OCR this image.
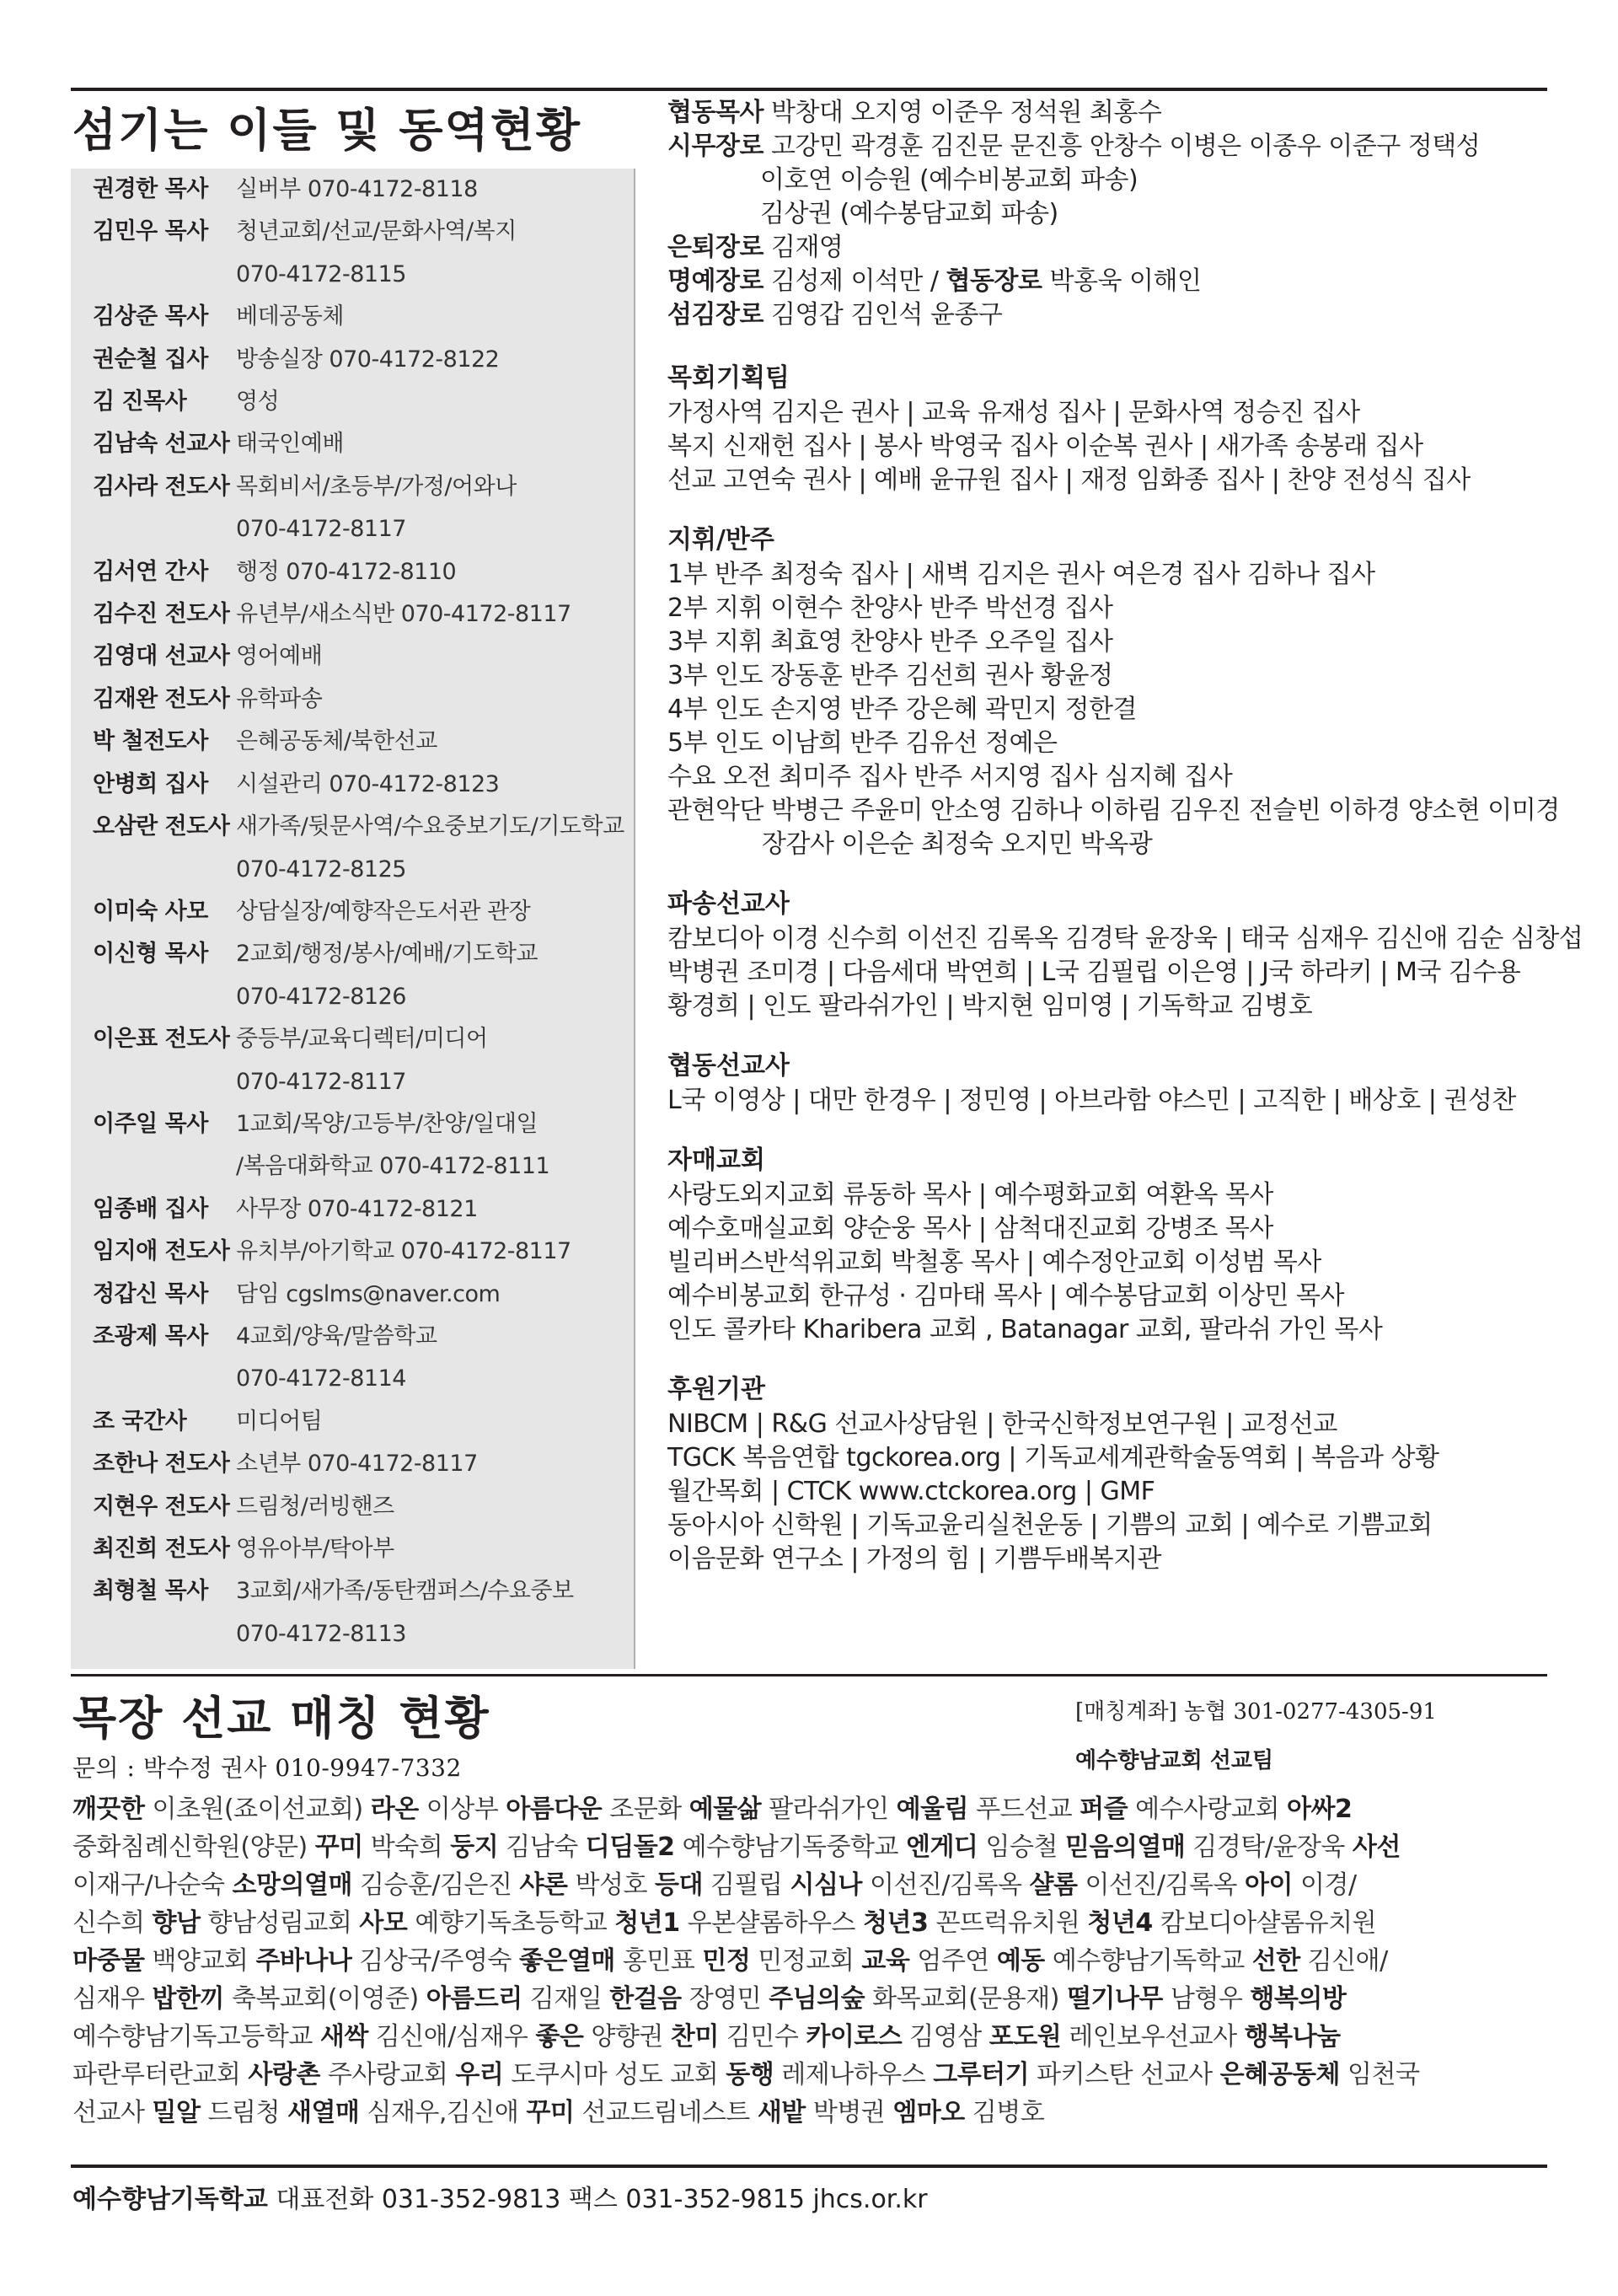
섬기는 이들 및 동역현황
권경한 목사	실버부 070-4172-8118
김민우 목사	청년교회/선교/문화사역/복지
070-4172-8115
김상준 목사	베데공동체
권순철 집사	방송실장 070-4172-8122
김 진목사	영성
김남속 선교사 태국인예배
김사라 전도사 목회비서/초등부/가정/어와나
070-4172-8117
김서연 간사	행정 070-4172-8110
김수진 전도사 유년부/새소식반 070-4172-8117
김영대 선교사 영어예배
김재완 전도사 유학파송
박 철전도사	은혜공동체/북한선교
안병희 집사	시설관리 070-4172-8123
오삼란 전도사 새가족/뒷문사역/수요중보기도/기도학교
070-4172-8125
이미숙 사모	상담실장/예향작은도서관 관장
이신형 목사	2교회/행정/봉사/예배/기도학교
070-4172-8126
이은표 전도사 중등부/교육디렉터/미디어
070-4172-8117
이주일 목사	1교회/목양/고등부/찬양/일대일
/복음대화학교 070-4172-8111
임종배 집사	사무장 070-4172-8121
임지애 전도사 유치부/아기학교 070-4172-8117
정갑신 목사	담임 cgslms@naver.com
조광제 목사	4교회/양육/말씀학교
070-4172-8114
조 국간사	미디어팀
조한나 전도사 소년부 070-4172-8117
지현우 전도사 드림청/러빙핸즈
최진희 전도사 영유아부/탁아부
최형철 목사	3교회/새가족/동탄캠퍼스/수요중보
070-4172-8113
협동목사 박창대 오지영 이준우 정석원 최홍수
시무장로 고강민 곽경훈 김진문 문진흥 안창수 이병은 이종우 이준구 정택성
이호연 이승원 (예수비봉교회 파송)
김상권 (예수봉담교회 파송)
은퇴장로 김재영
명예장로 김성제 이석만 / 협동장로 박홍욱 이해인
섬김장로 김영갑 김인석 윤종구
목회기획팀
가정사역 김지은 권사 | 교육 유재성 집사 | 문화사역 정승진 집사
복지 신재헌 집사 | 봉사 박영국 집사 이순복 권사 | 새가족 송봉래 집사
선교 고연숙 권사 | 예배 윤규원 집사 | 재정 임화종 집사 | 찬양 전성식 집사
지휘/반주
1부 반주 최정숙 집사 | 새벽 김지은 권사 여은경 집사 김하나 집사
2부 지휘 이현수 찬양사 반주 박선경 집사
3부 지휘 최효영 찬양사 반주 오주일 집사
3부 인도 장동훈 반주 김선희 권사 황윤정
4부 인도 손지영 반주 강은혜 곽민지 정한결
5부 인도 이남희 반주 김유선 정예은
수요 오전 최미주 집사 반주 서지영 집사 심지혜 집사
관현악단 박병근 주윤미 안소영 김하나 이하림 김우진 전슬빈 이하경 양소현 이미경
장감사 이은순 최정숙 오지민 박옥광
파송선교사
캄보디아 이경 신수희 이선진 김록옥 김경탁 윤장욱 | 태국 심재우 김신애 김순 심창섭
박병권 조미경 | 다음세대 박연희 | L국 김필립 이은영 | J국 하라키 | M국 김수용
황경희 | 인도 팔라쉬가인 | 박지현 임미영 | 기독학교 김병호
협동선교사
L국 이영상 | 대만 한경우 | 정민영 | 아브라함 야스민 | 고직한 | 배상호 | 권성찬
자매교회
사랑도외지교회 류동하 목사 | 예수평화교회 여환옥 목사
예수호매실교회 양순웅 목사 | 삼척대진교회 강병조 목사
빌리버스반석위교회 박철홍 목사 | 예수정안교회 이성범 목사
예수비봉교회 한규성 · 김마태 목사 | 예수봉담교회 이상민 목사
인도 콜카타 Kharibera 교회 , Batanagar 교회, 팔라쉬 가인 목사
후원기관
NIBCM | R&G 선교사상담원 | 한국신학정보연구원 | 교정선교
TGCK 복음연합 tgckorea.org | 기독교세계관학술동역회 | 복음과 상황
월간목회 | CTCK www.ctckorea.org | GMF
동아시아 신학원 | 기독교윤리실천운동 | 기쁨의 교회 | 예수로 기쁨교회
이음문화 연구소 | 가정의 힘 | 기쁨두배복지관
목장 선교 매칭 현황
문의 : 박수정 권사 010-9947-7332
[매칭계좌] 농협 301-0277-4305-91
예수향남교회 선교팀
깨끗한 이초원(죠이선교회) 라온 이상부 아름다운 조문화 예물삶 팔라쉬가인 예울림 푸드선교 퍼즐 예수사랑교회 아싸2
중화침례신학원(양문) 꾸미 박숙희 둥지 김남숙 디딤돌2 예수향남기독중학교 엔게디 임승철 믿음의열매 김경탁/윤장욱 사선
이재구/나순숙 소망의열매 김승훈/김은진 샤론 박성호 등대 김필립 시심나 이선진/김록옥 샬롬 이선진/김록옥 아이 이경/
신수희 향남 향남성림교회 사모 예향기독초등학교 청년1 우본샬롬하우스 청년3 꼰뜨럭유치원 청년4 캄보디아샬롬유치원
마중물 백양교회 주바나나 김상국/주영숙 좋은열매 홍민표 민정 민정교회 교육 엄주연 예동 예수향남기독학교 선한 김신애/
심재우 밥한끼 축복교회(이영준) 아름드리 김재일 한걸음 장영민 주님의숲 화목교회(문용재) 떨기나무 남형우 행복의방
예수향남기독고등학교 새싹 김신애/심재우 좋은 양향권 찬미 김민수 카이로스 김영삼 포도원 레인보우선교사 행복나눔
파란루터란교회 사랑촌 주사랑교회 우리 도쿠시마 성도 교회 동행 레제나하우스 그루터기 파키스탄 선교사 은혜공동체 임천국
선교사 밀알 드림청 새열매 심재우,김신애 꾸미 선교드림네스트 새밭 박병권 엠마오 김병호
예수향남기독학교 대표전화 031-352-9813 팩스 031-352-9815 jhcs.or.kr
